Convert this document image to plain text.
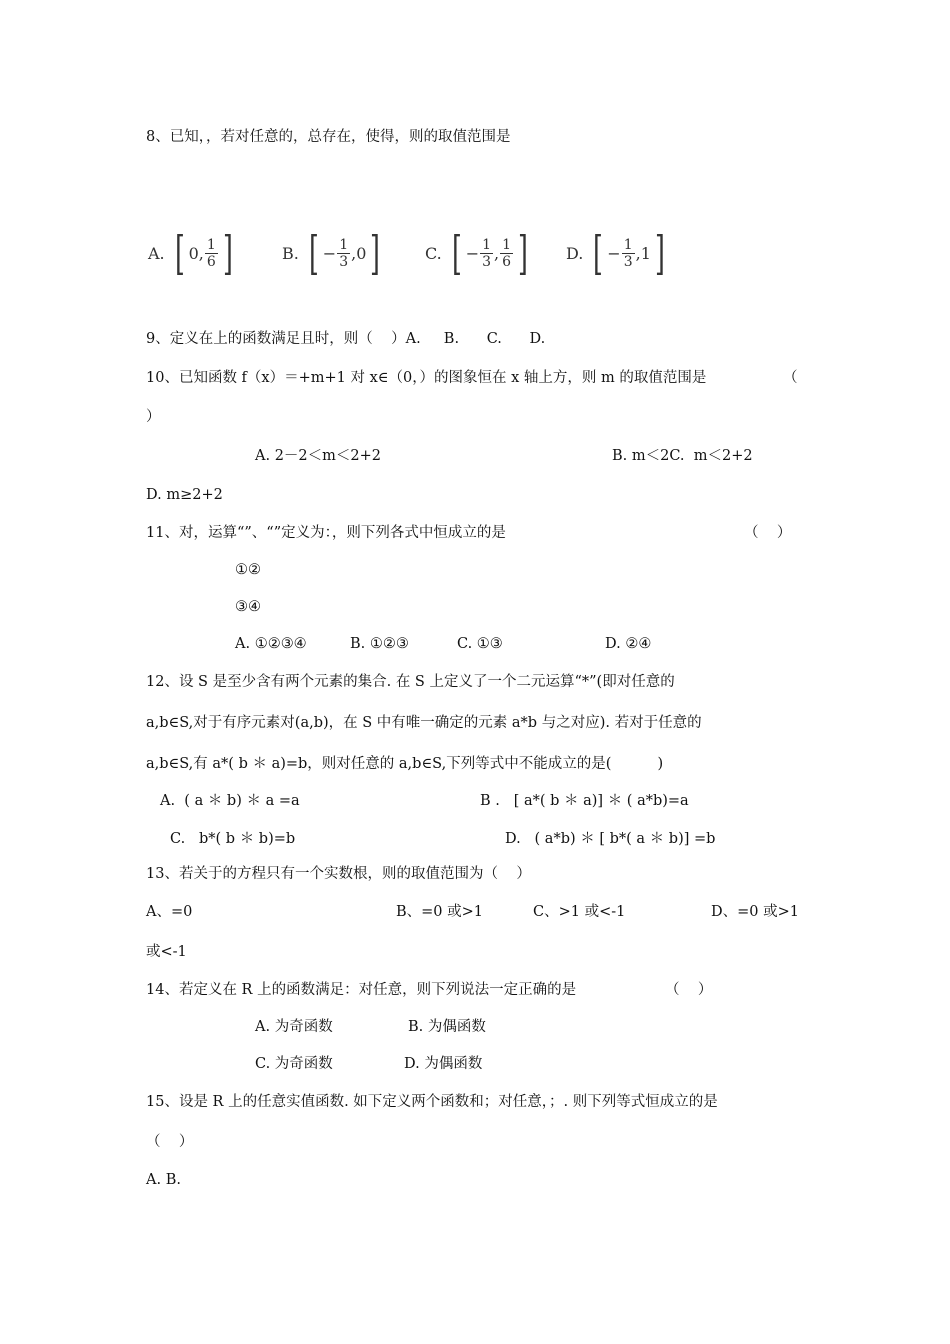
8、已知，，若对任意的，总存在，使得，则的取值范围是
A. [ 0 , $\frac{1}{6}$ ]	B. [ − $\frac{1}{3}$ , 0 ]	C. [ − $\frac{1}{3}$ , $\frac{1}{6}$ ] D. [ − $\frac{1}{3}$ , 1 ]
9、定义在上的函数满足且时，则（    ）A.     B.      C.      D.
10、已知函数 f（x）＝+m+1 对 x∈（0，）的图象恒在 x 轴上方，则 m 的取值范围是	（
）
A. 2－2＜m＜2+2	B. m＜2C.  m＜2+2
D. m≥2+2
11、对，运算“”、“”定义为：，则下列各式中恒成立的是	（    ）
①②
③④
A. ①②③④	B. ①②③	C. ①③	D. ②④
12、设 S 是至少含有两个元素的集合. 在 S 上定义了一个二元运算“*”(即对任意的
a,b∈S,对于有序元素对(a,b)，在 S 中有唯一确定的元素 a*b 与之对应). 若对于任意的
a,b∈S,有 a*( b ＊ a)=b，则对任意的 a,b∈S,下列等式中不能成立的是(          )
A.  ( a ＊ b) ＊ a =a	B .   [ a*( b ＊ a)] ＊ ( a*b)=a
C.   b*( b ＊ b)=b	D.   ( a*b) ＊ [ b*( a ＊ b)] =b
13、若关于的方程只有一个实数根，则的取值范围为（    ）
A、=0	B、=0 或>1	C、>1 或<-1	D、=0 或>1
或<-1
14、若定义在 R 上的函数满足：对任意，则下列说法一定正确的是	（    ）
A. 为奇函数	B. 为偶函数
C. 为奇函数	D. 为偶函数
15、设是 R 上的任意实值函数. 如下定义两个函数和；对任意，；. 则下列等式恒成立的是
（    ）
A. B.
